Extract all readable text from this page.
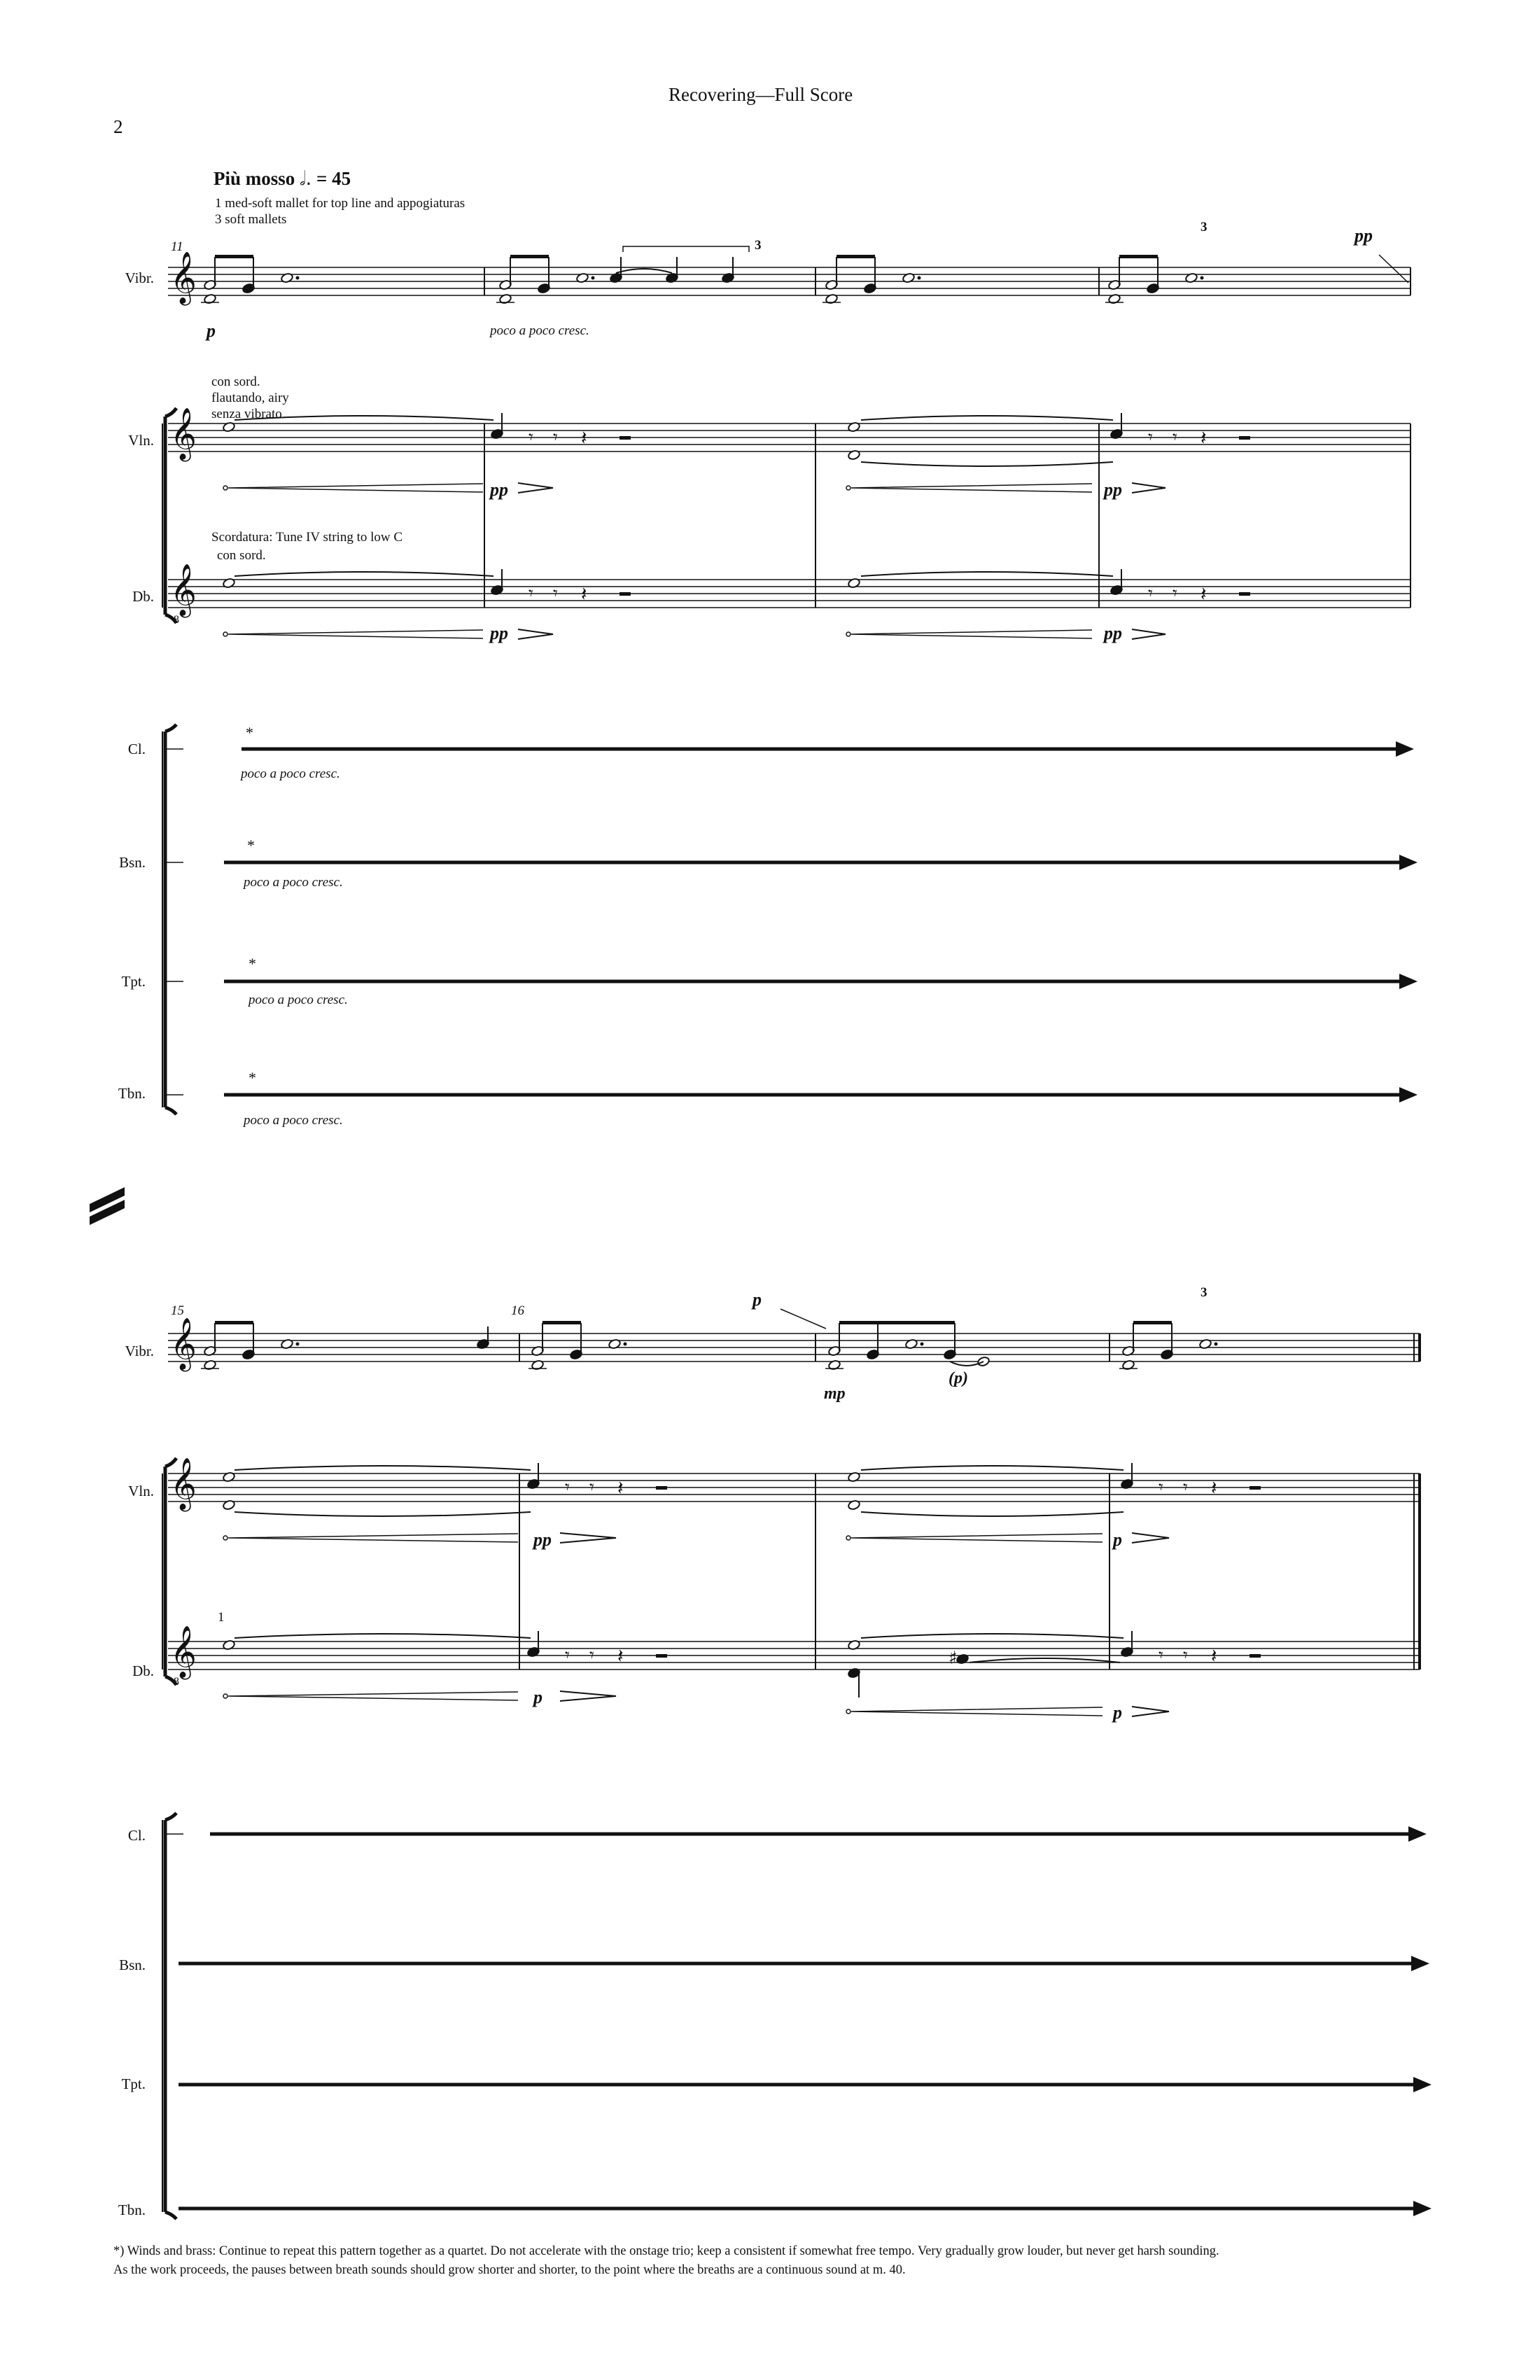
𝄞
𝄞
𝄞
8
𝄾 𝄾 𝄽	𝄾 𝄾 𝄽
𝄾 𝄾 𝄽	𝄾 𝄾 𝄽
𝄞
𝄞
𝄞
8
𝄾 𝄾 𝄽	𝄾 𝄾 𝄽
𝄾 𝄾 𝄽	♯	𝄾 𝄾 𝄽
Recovering—Full Score
2
Più mosso 𝅗𝅥. = 45
1 med-soft mallet for top line and appogiaturas
3 soft mallets
Vibr.
Vln.
Db.
Cl.
Bsn.
Tpt.
Tbn.
Vibr.
Vln.
Db.
Cl.
Bsn.
Tpt.
Tbn.
11
15	16
3
3
3
con sord.
flautando, airy
senza vibrato
Scordatura: Tune IV string to low C
con sord.
1
p	poco a poco cresc.
pp
pp	pp
pp	pp
*
poco a poco cresc.
*
poco a poco cresc.
*
poco a poco cresc.
*
poco a poco cresc.
p
mp
(p)
pp	p
p
p
*) Winds and brass: Continue to repeat this pattern together as a quartet. Do not accelerate with the onstage trio; keep a consistent if somewhat free tempo. Very gradually grow louder, but never get harsh sounding.
As the work proceeds, the pauses between breath sounds should grow shorter and shorter, to the point where the breaths are a continuous sound at m. 40.
